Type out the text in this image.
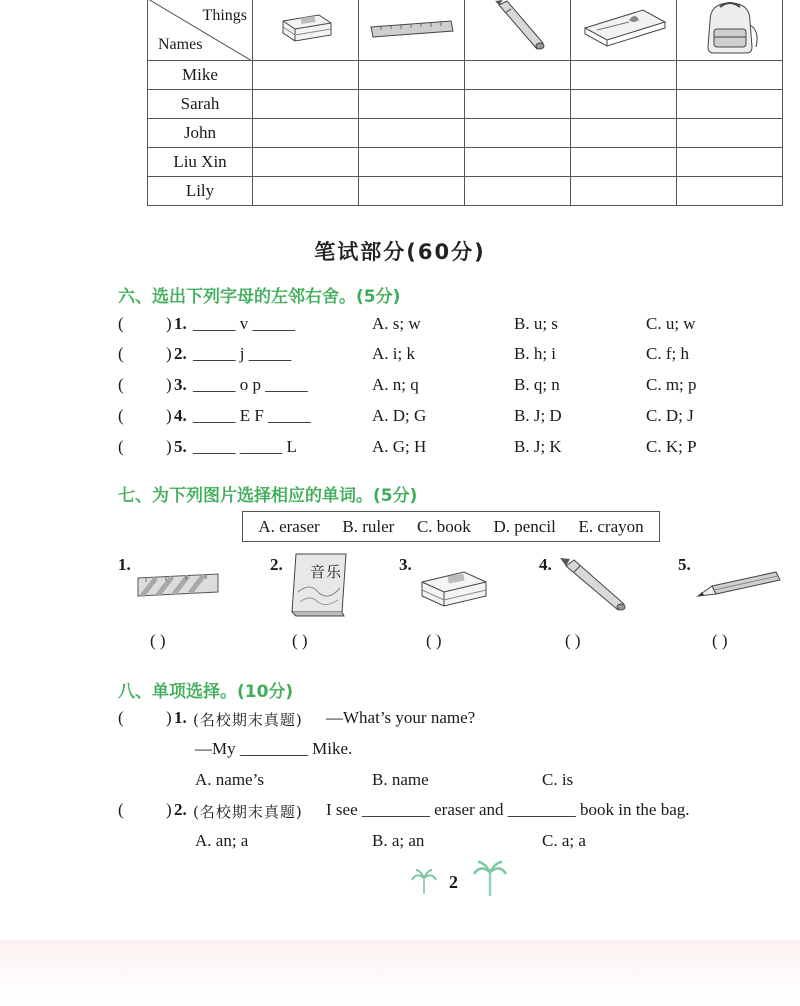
Things
Names

Mike					
Sarah					
John					
Liu Xin					
Lily					
笔试部分(60分)
六、选出下列字母的左邻右舍。(5分)
( ) 1. _____ v _____	A. s; w	B. u; s	C. u; w
( ) 2. _____ j _____	A. i; k	B. h; i	C. f; h
( ) 3. _____ o p _____	A. n; q	B. q; n	C. m; p
( ) 4. _____ E F _____	A. D; G	B. J; D	C. D; J
( ) 5. _____ _____ L	A. G; H	B. J; K	C. K; P
七、为下列图片选择相应的单词。(5分)
A. eraser B. ruler C. book D. pencil E. crayon
1.	2. 音乐	3.	4.	5.
( )	( )	( )	( )	( )
八、单项选择。(10分)
( ) 1. (名校期末真题) —What’s your name?
—My ________ Mike.
A. name’s	B. name	C. is
( ) 2. (名校期末真题) I see ________ eraser and ________ book in the bag.
A. an; a	B. a; an	C. a; a
2
